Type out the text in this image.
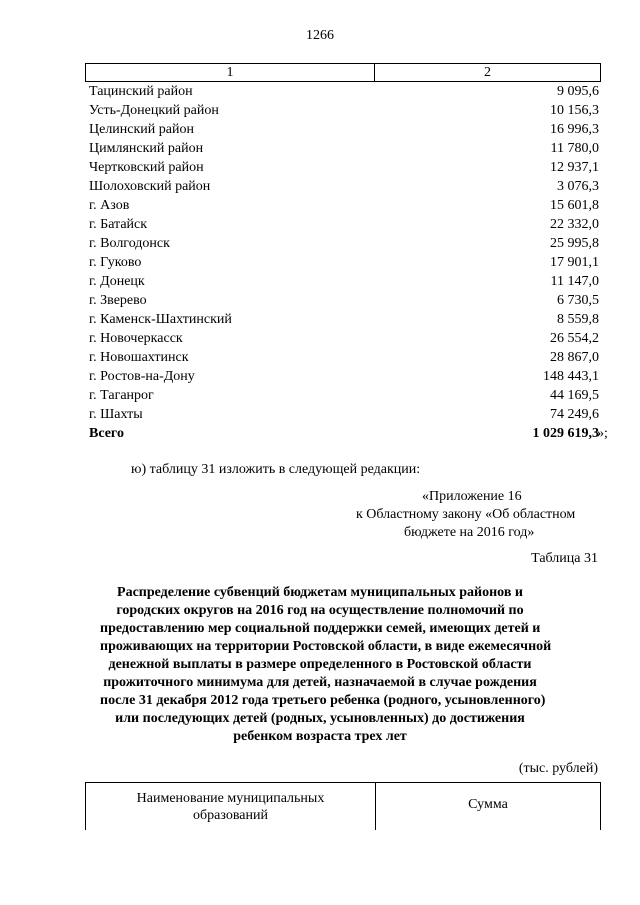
1266
1	2
Тацинский район	9 095,6
Усть-Донецкий район	10 156,3
Целинский район	16 996,3
Цимлянский район	11 780,0
Чертковский район	12 937,1
Шолоховский район	3 076,3
г. Азов	15 601,8
г. Батайск	22 332,0
г. Волгодонск	25 995,8
г. Гуково	17 901,1
г. Донецк	11 147,0
г. Зверево	6 730,5
г. Каменск-Шахтинский	8 559,8
г. Новочеркасск	26 554,2
г. Новошахтинск	28 867,0
г. Ростов-на-Дону	148 443,1
г. Таганрог	44 169,5
г. Шахты	74 249,6
Всего	1 029 619,3
»;
ю) таблицу 31 изложить в следующей редакции:
«Приложение 16
к Областному закону «Об областном
бюджете на 2016 год»
Таблица 31
Распределение субвенций бюджетам муниципальных районов и
городских округов на 2016 год на осуществление полномочий по
предоставлению мер социальной поддержки семей, имеющих детей и
проживающих на территории Ростовской области, в виде ежемесячной
денежной выплаты в размере определенного в Ростовской области
прожиточного минимума для детей, назначаемой в случае рождения
после 31 декабря 2012 года третьего ребенка (родного, усыновленного)
или последующих детей (родных, усыновленных) до достижения
ребенком возраста трех лет
(тыс. рублей)
Наименование муниципальных
образований
Сумма
